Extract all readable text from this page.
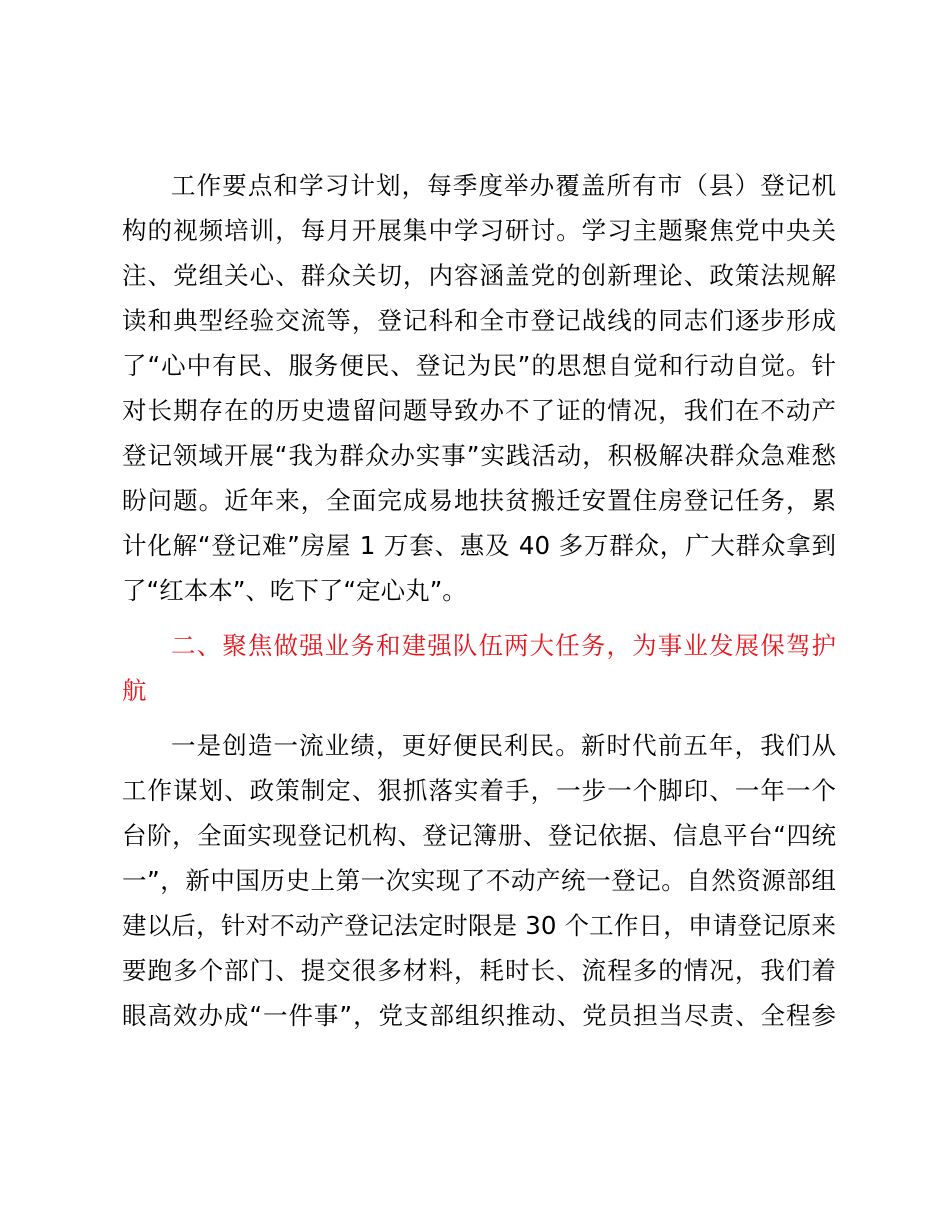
工作要点和学习计划，每季度举办覆盖所有市（县）登记机
构的视频培训，每月开展集中学习研讨。学习主题聚焦党中央关
注、党组关心、群众关切，内容涵盖党的创新理论、政策法规解
读和典型经验交流等，登记科和全市登记战线的同志们逐步形成
了“心中有民、服务便民、登记为民”的思想自觉和行动自觉。针
对长期存在的历史遗留问题导致办不了证的情况，我们在不动产
登记领域开展“我为群众办实事”实践活动，积极解决群众急难愁
盼问题。近年来，全面完成易地扶贫搬迁安置住房登记任务，累
计化解“登记难”房屋 1 万套、惠及 40 多万群众，广大群众拿到
了“红本本”、吃下了“定心丸”。
二、聚焦做强业务和建强队伍两大任务，为事业发展保驾护
航
一是创造一流业绩，更好便民利民。新时代前五年，我们从
工作谋划、政策制定、狠抓落实着手，一步一个脚印、一年一个
台阶，全面实现登记机构、登记簿册、登记依据、信息平台“四统
一”，新中国历史上第一次实现了不动产统一登记。自然资源部组
建以后，针对不动产登记法定时限是 30 个工作日，申请登记原来
要跑多个部门、提交很多材料，耗时长、流程多的情况，我们着
眼高效办成“一件事”，党支部组织推动、党员担当尽责、全程参
